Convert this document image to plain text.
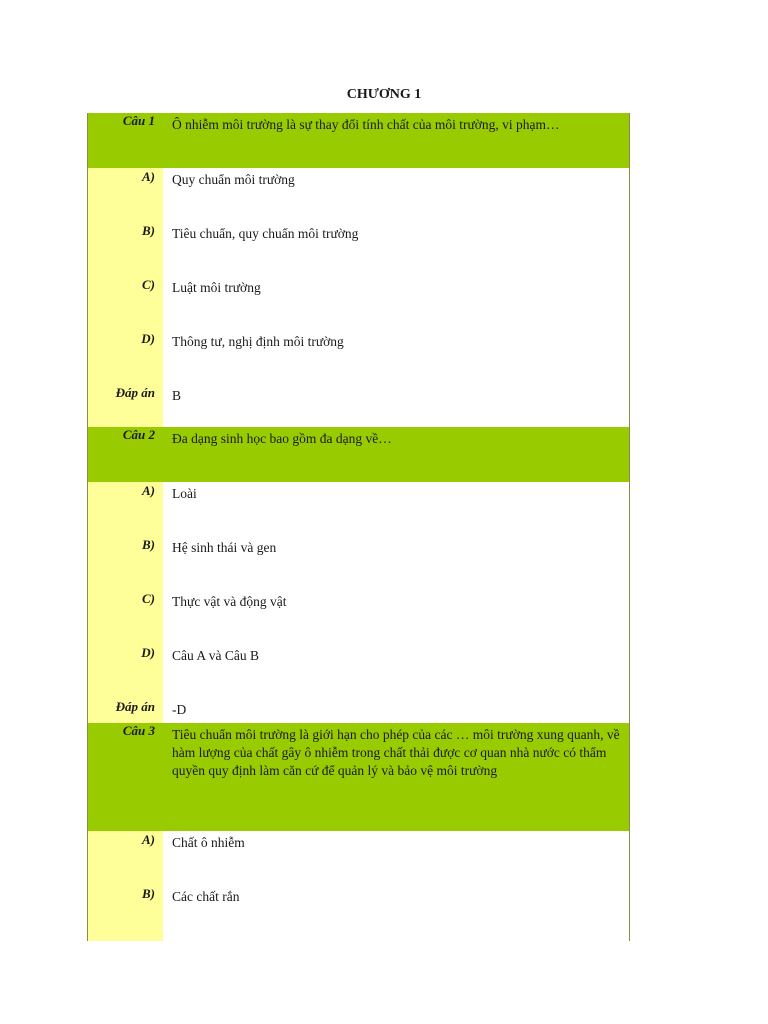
CHƯƠNG 1
Câu 1	Ô nhiễm môi trường là sự thay đổi tính chất của môi trường, vi phạm…
A)	Quy chuẩn môi trường
B)	Tiêu chuẩn, quy chuẩn môi trường
C)	Luật môi trường
D)	Thông tư, nghị định môi trường
Đáp án	B
Câu 2	Đa dạng sinh học bao gồm đa dạng về…
A)	Loài
B)	Hệ sinh thái và gen
C)	Thực vật và động vật
D)	Câu A và Câu B
Đáp án	-D
Câu 3	Tiêu chuẩn môi trường là giới hạn cho phép của các … môi trường xung quanh, về hàm lượng của chất gây ô nhiễm trong chất thải được cơ quan nhà nước có thẩm quyền quy định làm căn cứ để quản lý và bảo vệ môi trường
A)	Chất ô nhiễm
B)	Các chất rắn
